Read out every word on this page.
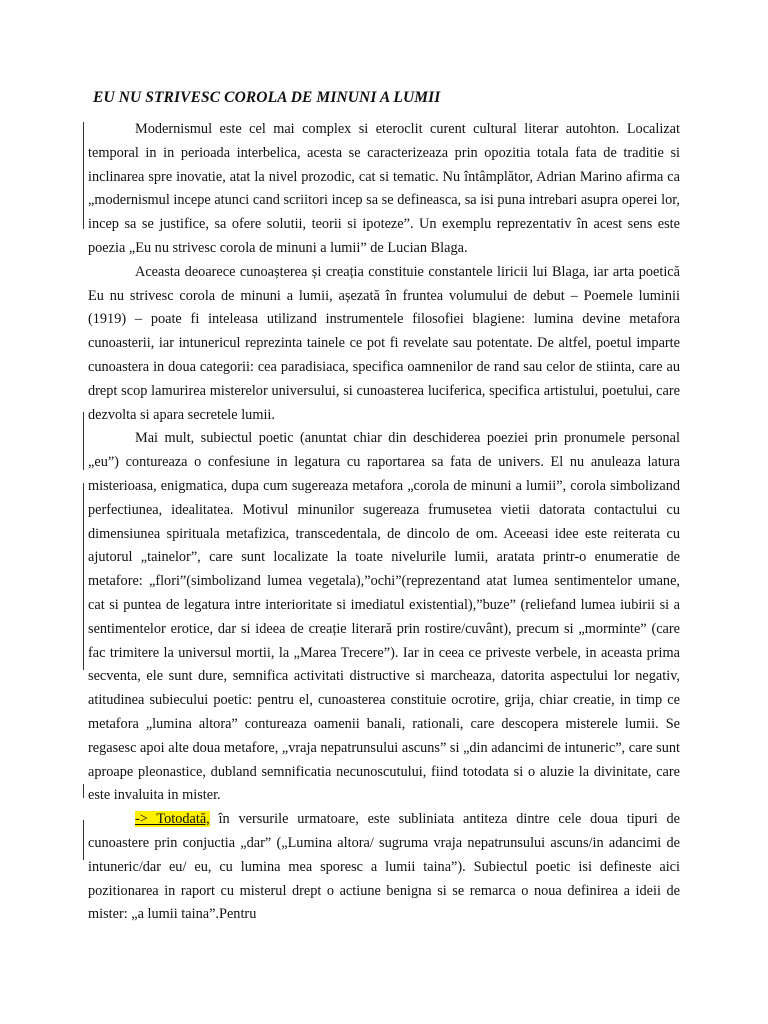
EU NU STRIVESC COROLA DE MINUNI A LUMII

Modernismul este cel mai complex si eteroclit curent cultural literar autohton. Localizat temporal in in perioada interbelica, acesta se caracterizeaza prin opozitia totala fata de traditie si inclinarea spre inovatie, atat la nivel prozodic, cat si tematic. Nu întâmplător, Adrian Marino afirma ca „modernismul incepe atunci cand scriitori incep sa se defineasca, sa isi puna intrebari asupra operei lor, incep sa se justifice, sa ofere solutii, teorii si ipoteze”. Un exemplu reprezentativ în acest sens este poezia „Eu nu strivesc corola de minuni a lumii” de Lucian Blaga.

Aceasta deoarece cunoașterea și creația constituie constantele liricii lui Blaga, iar arta poetică Eu nu strivesc corola de minuni a lumii, așezată în fruntea volumului de debut – Poemele luminii (1919) – poate fi inteleasa utilizand instrumentele filosofiei blagiene: lumina devine metafora cunoasterii, iar intunericul reprezinta tainele ce pot fi revelate sau potentate. De altfel, poetul imparte cunoastera in doua categorii: cea paradisiaca, specifica oamnenilor de rand sau celor de stiinta, care au drept scop lamurirea misterelor universului, si cunoasterea luciferica, specifica artistului, poetului, care dezvolta si apara secretele lumii.

Mai mult, subiectul poetic (anuntat chiar din deschiderea poeziei prin pronumele personal „eu”) contureaza o confesiune in legatura cu raportarea sa fata de univers. El nu anuleaza latura misterioasa, enigmatica, dupa cum sugereaza metafora „corola de minuni a lumii”, corola simbolizand perfectiunea, idealitatea. Motivul minunilor sugereaza frumusetea vietii datorata contactului cu dimensiunea spirituala metafizica, transcedentala, de dincolo de om. Aceeasi idee este reiterata cu ajutorul „tainelor”, care sunt localizate la toate nivelurile lumii, aratata printr-o enumeratie de metafore: „flori”(simbolizand lumea vegetala),”ochi”(reprezentand atat lumea sentimentelor umane, cat si puntea de legatura intre interioritate si imediatul existential),”buze” (reliefand lumea iubirii si a sentimentelor erotice, dar si ideea de creație literară prin rostire/cuvânt), precum si „morminte” (care fac trimitere la universul mortii, la „Marea Trecere”). Iar in ceea ce priveste verbele, in aceasta prima secventa, ele sunt dure, semnifica activitati distructive si marcheaza, datorita aspectului lor negativ, atitudinea subiecului poetic: pentru el, cunoasterea constituie ocrotire, grija, chiar creatie, in timp ce metafora „lumina altora” contureaza oamenii banali, rationali, care descopera misterele lumii. Se regasesc apoi alte doua metafore, „vraja nepatrunsului ascuns” si „din adancimi de intuneric”, care sunt aproape pleonastice, dubland semnificatia necunoscutului, fiind totodata si o aluzie la divinitate, care este invaluita in mister.

-> Totodată, în versurile urmatoare, este subliniata antiteza dintre cele doua tipuri de cunoastere prin conjuctia „dar” („Lumina altora/ sugruma vraja nepatrunsului ascuns/in adancimi de intuneric/dar eu/ eu, cu lumina mea sporesc a lumii taina”). Subiectul poetic isi defineste aici pozitionarea in raport cu misterul drept o actiune benigna si se remarca o noua definirea a ideii de mister: „a lumii taina”.Pentru
